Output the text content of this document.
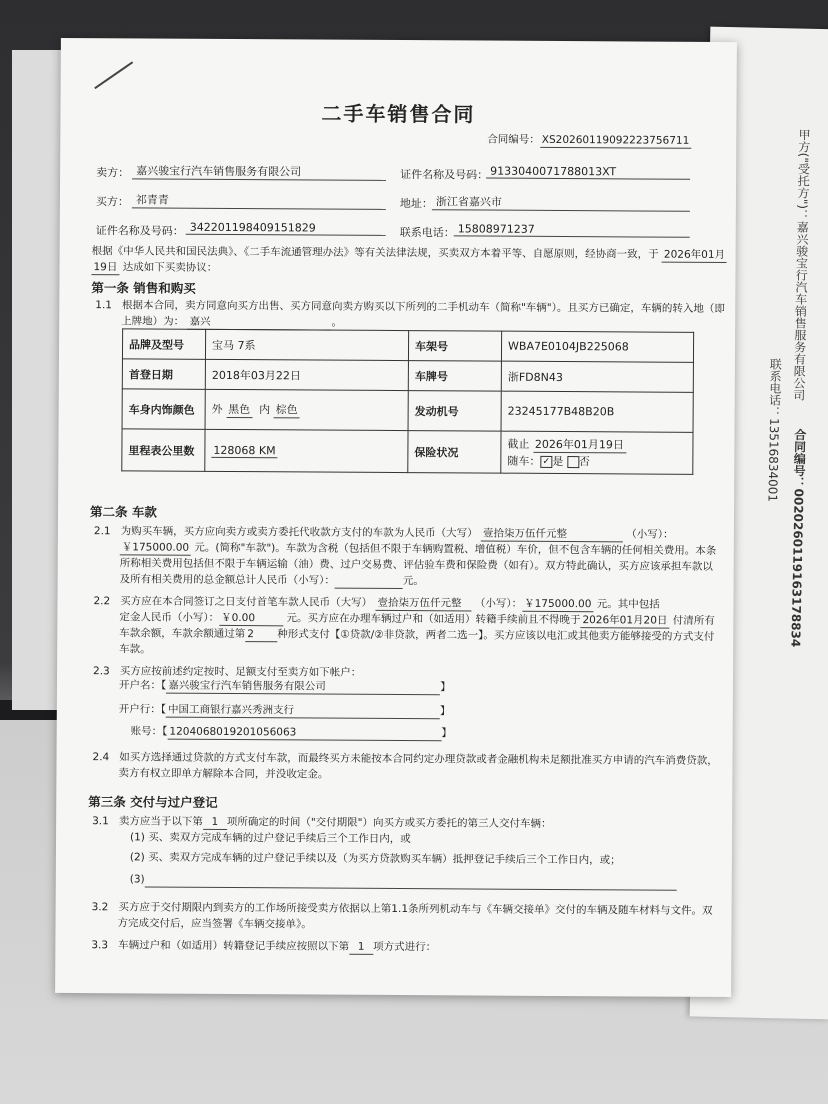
甲方("受托方")：嘉兴骏宝行汽车销售服务有限公司
联系电话：13516834001 合同编号：0020260119163178834
二手车销售合同
合同编号： XS20260119092223756711
卖方： 嘉兴骏宝行汽车销售服务有限公司	证件名称及号码： 9133040071788013XT
买方： 祁青青	地址： 浙江省嘉兴市
证件名称及号码： 342201198409151829	联系电话： 15808971237
根据《中华人民共和国民法典》、《二手车流通管理办法》等有关法律法规，买卖双方本着平等、自愿原则，经协商一致，于 2026年01月
19日 达成如下买卖协议：
第一条 销售和购买
1.1 根据本合同，卖方同意向买方出售、买方同意向卖方购买以下所列的二手机动车（简称"车辆"）。且买方已确定，车辆的转入地（即
上牌地）为： 嘉兴	。
品牌及型号	宝马 7系	车架号	WBA7E0104JB225068
首登日期	2018年03月22日	车牌号	浙FD8N43
车身内饰颜色	外 黑色 内 棕色	发动机号	23245177B48B20B
里程表公里数	128068 KM	保险状况	截止 2026年01月19日
随车： ✓ 是 否
第二条 车款
2.1 为购买车辆，买方应向卖方或卖方委托代收款方支付的车款为人民币（大写） 壹拾柒万伍仟元整	（小写）：
￥175000.00 元。(简称"车款")。车款为含税（包括但不限于车辆购置税、增值税）车价，但不包含车辆的任何相关费用。本条
所称相关费用包括但不限于车辆运输（油）费、过户交易费、评估验车费和保险费（如有）。双方特此确认，买方应该承担车款以
及所有相关费用的总金额总计人民币（小写）：	元。
2.2 买方应在本合同签订之日支付首笔车款人民币（大写） 壹拾柒万伍仟元整 （小写）： ￥175000.00 元。其中包括
定金人民币（小写）： ￥0.00	元。买方应在办理车辆过户和（如适用）转籍手续前且不得晚于 2026年01月20日 付清所有
车款余额，车款余额通过第 2 种形式支付【①贷款/②非贷款，两者二选一】。买方应该以电汇或其他卖方能够接受的方式支付
车款。
2.3 买方应按前述约定按时、足额支付至卖方如下帐户：
开户名：【 嘉兴骏宝行汽车销售服务有限公司	】
开户行：【 中国工商银行嘉兴秀洲支行	】
账号：【 1204068019201056063	】
2.4 如买方选择通过贷款的方式支付车款，而最终买方未能按本合同约定办理贷款或者金融机构未足额批准买方申请的汽车消费贷款，
卖方有权立即单方解除本合同，并没收定金。
第三条 交付与过户登记
3.1 卖方应当于以下第 1 项所确定的时间（"交付期限"）向买方或买方委托的第三人交付车辆：
(1) 买、卖双方完成车辆的过户登记手续后三个工作日内，或
(2) 买、卖双方完成车辆的过户登记手续以及（为买方贷款购买车辆）抵押登记手续后三个工作日内，或；
(3)
3.2 买方应于交付期限内到卖方的工作场所接受卖方依据以上第1.1条所列机动车与《车辆交接单》交付的车辆及随车材料与文件。双
方完成交付后，应当签署《车辆交接单》。
3.3 车辆过户和（如适用）转籍登记手续应按照以下第 1 项方式进行：
